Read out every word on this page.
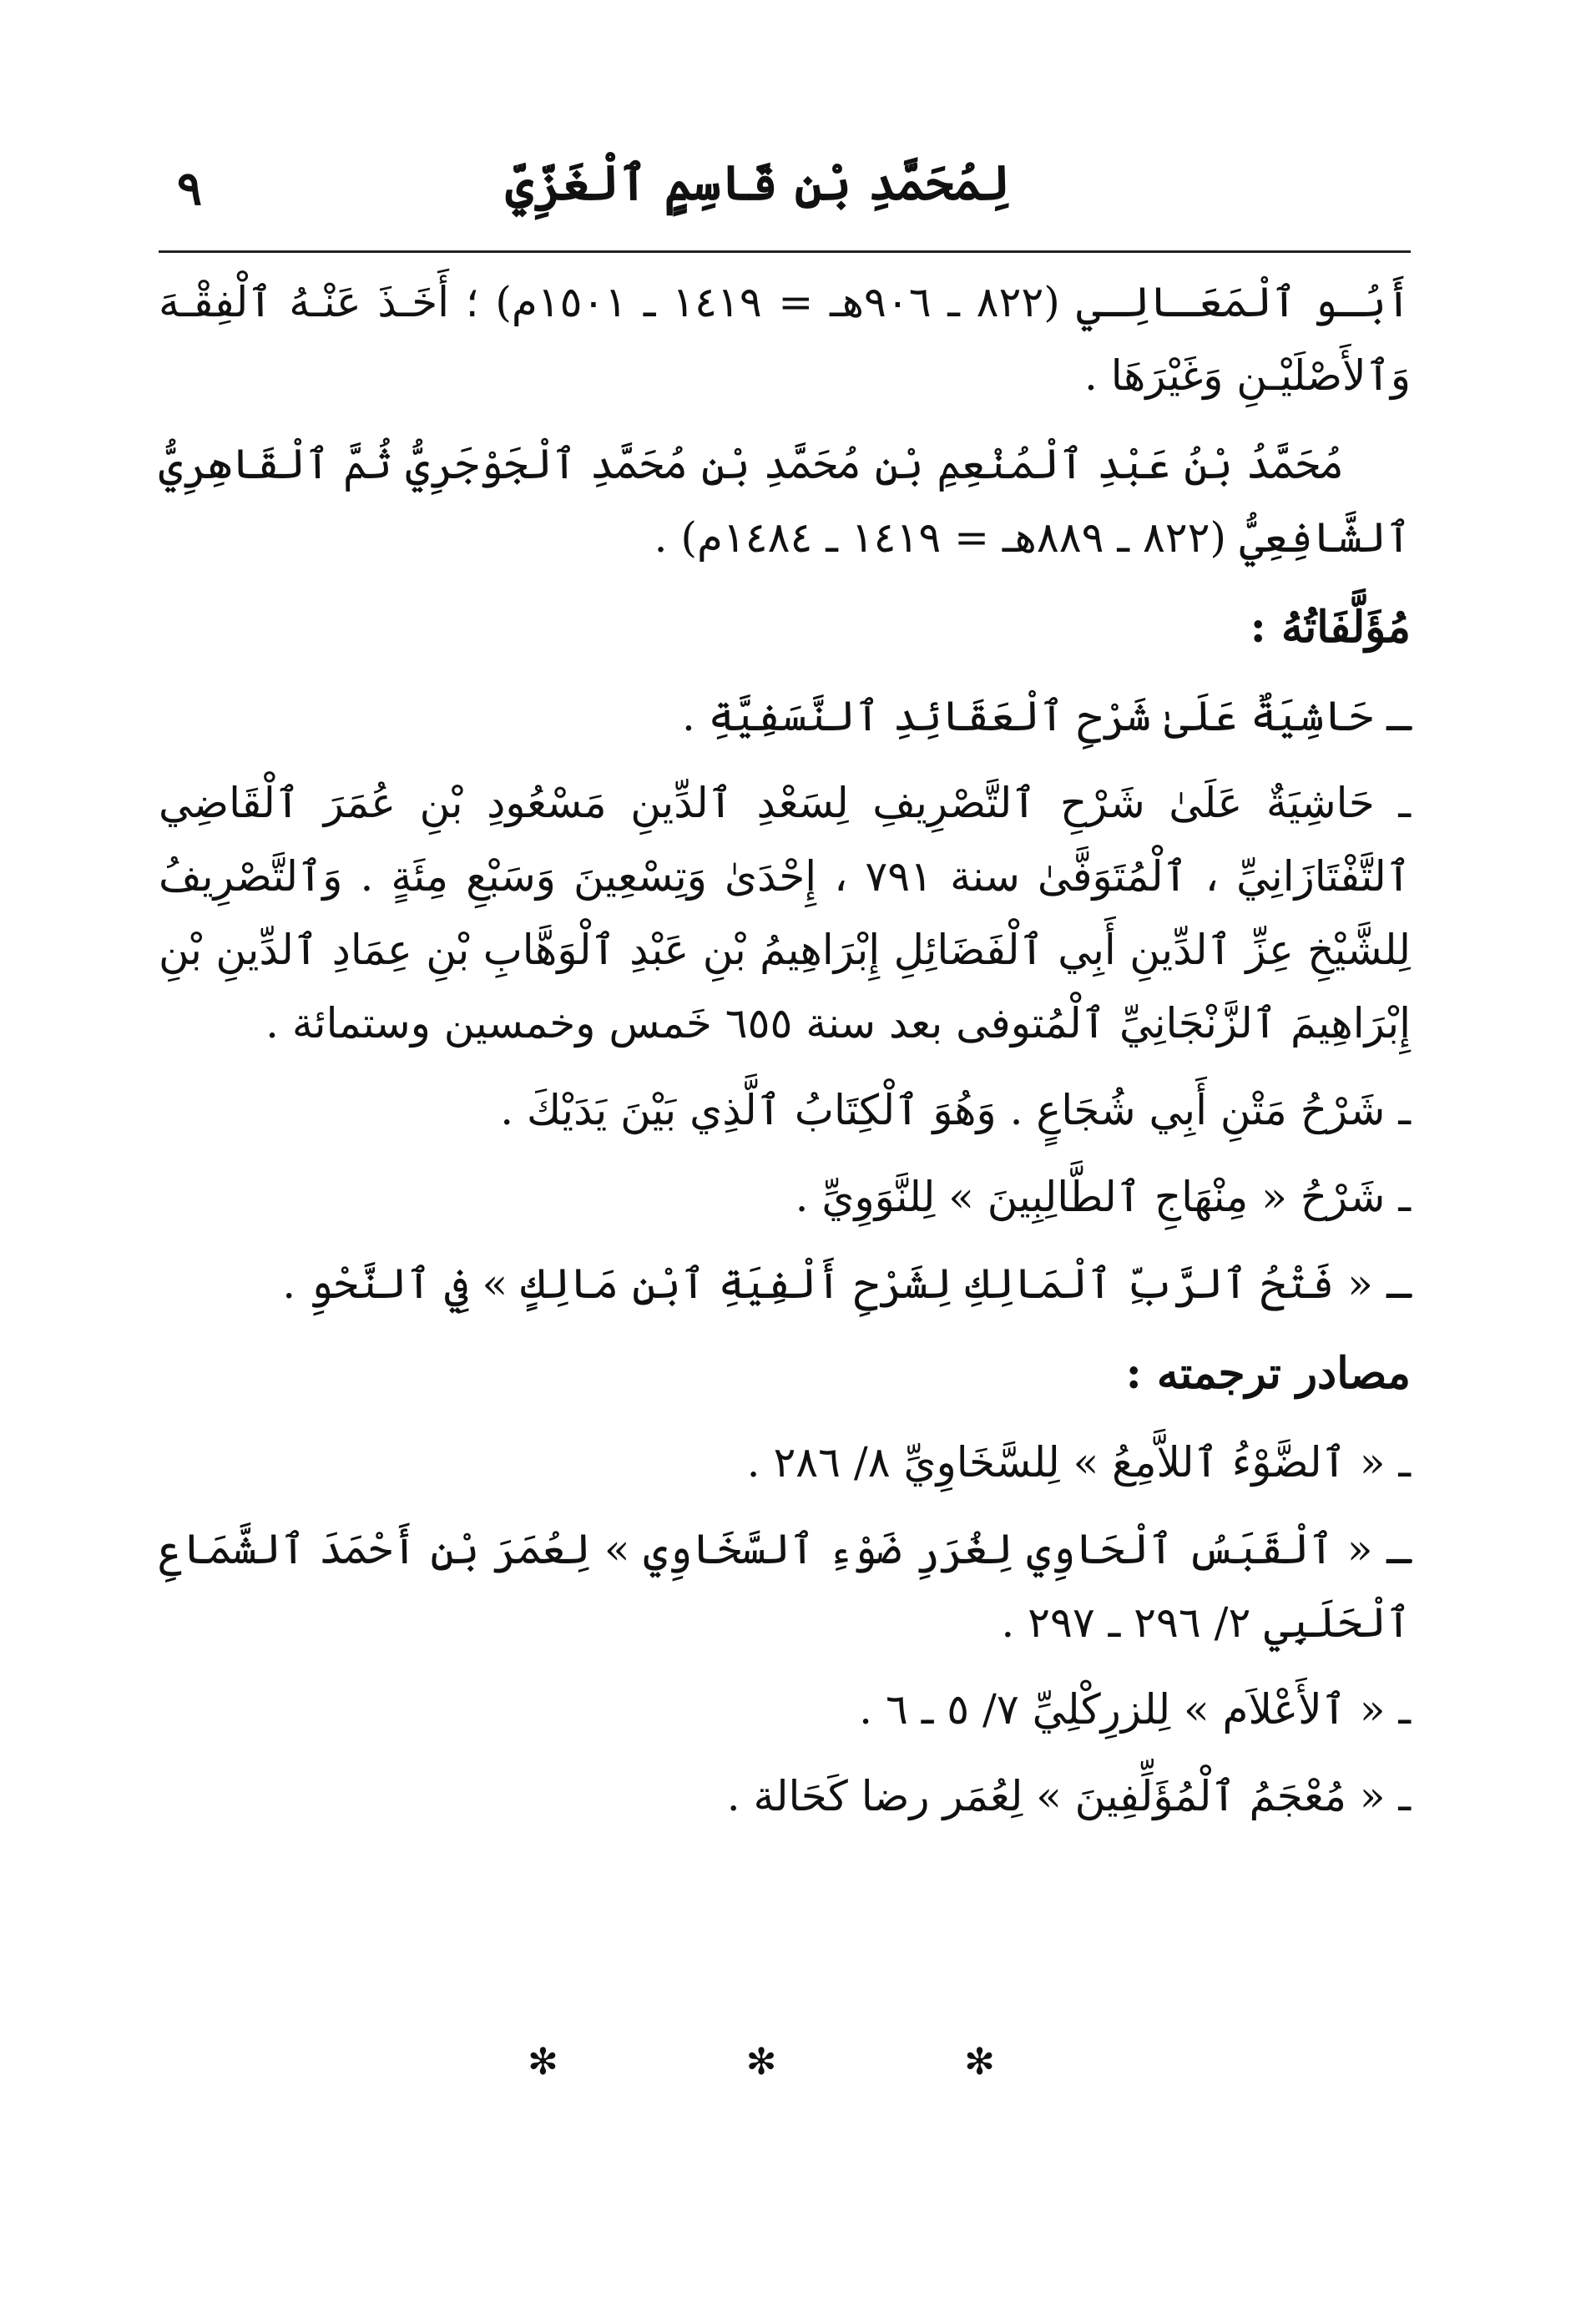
لِمُحَمَّدِ بْنِ قَاسِمٍ ٱلْغَزِّيِّ
٩

أَبُـو ٱلْمَعَـالِـي (٨٢٢ ـ ٩٠٦هـ = ١٤١٩ ـ ١٥٠١م) ؛ أَخَـذَ عَنْـهُ ٱلْفِقْـهَ وَٱلأَصْلَيْـنِ وَغَيْرَهَا .

مُحَمَّدُ بْنُ عَبْدِ ٱلْمُنْعِمِ بْنِ مُحَمَّدِ بْنِ مُحَمَّدِ ٱلْجَوْجَرِيُّ ثُمَّ ٱلْقَاهِرِيُّ ٱلشَّافِعِيُّ (٨٢٢ ـ ٨٨٩هـ = ١٤١٩ ـ ١٤٨٤م) .

مُؤَلَّفَاتُهُ :

ـ حَاشِيَةٌ عَلَىٰ شَرْحِ ٱلْعَقَائِدِ ٱلنَّسَفِيَّةِ .

ـ حَاشِيَةٌ عَلَىٰ شَرْحِ ٱلتَّصْرِيفِ لِسَعْدِ ٱلدِّينِ مَسْعُودِ بْنِ عُمَرَ ٱلْقَاضِي ٱلتَّفْتَازَانِيِّ ، ٱلْمُتَوَفَّىٰ سنة ٧٩١ ، إِحْدَىٰ وَتِسْعِينَ وَسَبْعِ مِئَةٍ . وَٱلتَّصْرِيفُ لِلشَّيْخِ عِزِّ ٱلدِّينِ أَبِي ٱلْفَضَائِلِ إِبْرَاهِيمُ بْنِ عَبْدِ ٱلْوَهَّابِ بْنِ عِمَادِ ٱلدِّينِ بْنِ إِبْرَاهِيمَ ٱلزَّنْجَانِيِّ ٱلْمُتوفى بعد سنة ٦٥٥ خَمس وخمسين وستمائة .

ـ شَرْحُ مَتْنِ أَبِي شُجَاعٍ . وَهُوَ ٱلْكِتَابُ ٱلَّذِي بَيْنَ يَدَيْكَ .

ـ شَرْحُ « مِنْهَاجِ ٱلطَّالِبِينَ » لِلنَّوَوِيِّ .

ـ « فَتْحُ ٱلرَّبِّ ٱلْمَالِكِ لِشَرْحِ أَلْفِيَةِ ٱبْنِ مَالِكٍ » فِي ٱلنَّحْوِ .

مصادر ترجمته :

ـ « ٱلضَّوْءُ ٱللاَّمِعُ » لِلسَّخَاوِيِّ ٨/ ٢٨٦ .

ـ « ٱلْقَبَسُ ٱلْحَاوِي لِغُرَرِ ضَوْءِ ٱلسَّخَاوِي » لِعُمَرَ بْنِ أَحْمَدَ ٱلشَّمَاعِ ٱلْحَلَبِي ٢/ ٢٩٦ ـ ٢٩٧ .

ـ « ٱلأَعْلاَم » لِلزرِكْلِيِّ ٧/ ٥ ـ ٦ .

ـ « مُعْجَمُ ٱلْمُؤَلِّفِينَ » لِعُمَر رضا كَحَالة .

✻
✻
✻
